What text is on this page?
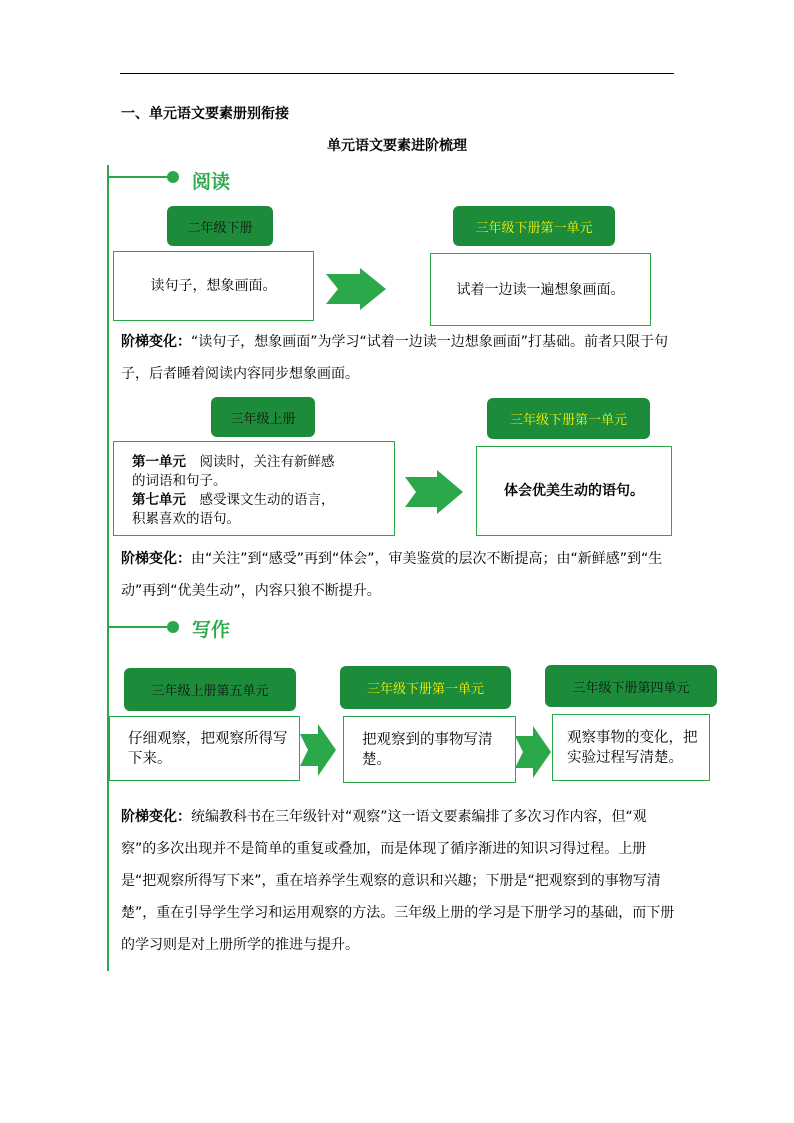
一、单元语文要素册别衔接
单元语文要素进阶梳理
阅读
二年级下册
读句子，想象画面。
三年级下册第一单元
试着一边读一遍想象画面。
阶梯变化：“读句子，想象画面”为学习“试着一边读一边想象画面”打基础。前者只限于句子，后者睡着阅读内容同步想象画面。
三年级上册
第一单元　阅读时，关注有新鲜感
的词语和句子。
第七单元　感受课文生动的语言，
积累喜欢的语句。
三年级下册第一单元
体会优美生动的语句。
阶梯变化：由“关注”到“感受”再到“体会”，审美鉴赏的层次不断提高；由“新鲜感”到“生动”再到“优美生动”，内容只狼不断提升。
写作
三年级上册第五单元
仔细观察，把观察所得写下来。
三年级下册第一单元
把观察到的事物写清楚。
三年级下册第四单元
观察事物的变化，把实验过程写清楚。
阶梯变化：统编教科书在三年级针对“观察”这一语文要素编排了多次习作内容，但“观察”的多次出现并不是简单的重复或叠加，而是体现了循序渐进的知识习得过程。上册是“把观察所得写下来”，重在培养学生观察的意识和兴趣；下册是“把观察到的事物写清楚”，重在引导学生学习和运用观察的方法。三年级上册的学习是下册学习的基础，而下册的学习则是对上册所学的推进与提升。
